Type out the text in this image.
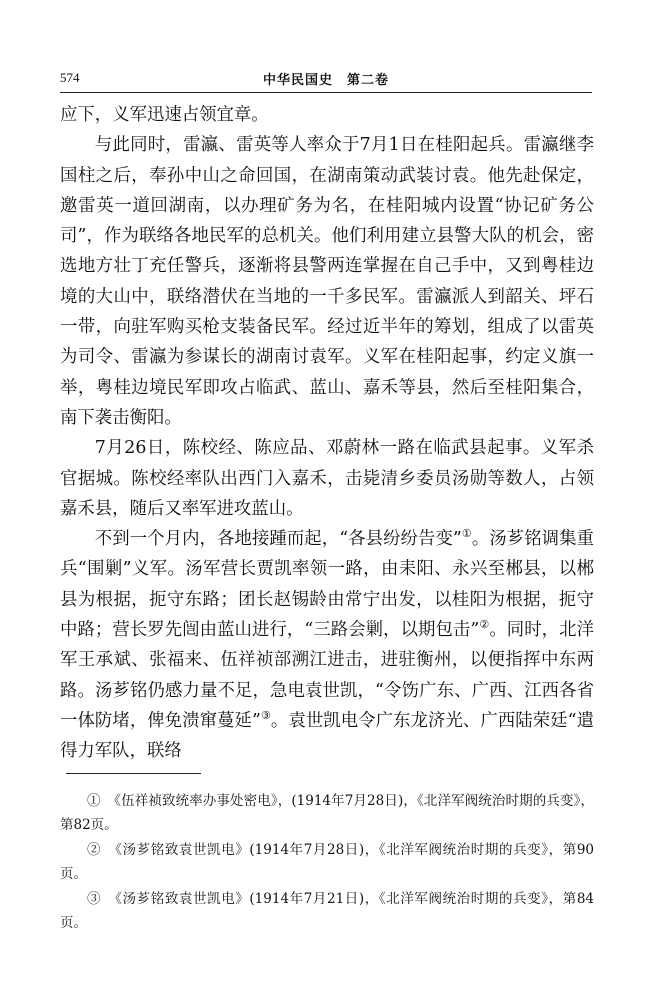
574	中华民国史　第二卷

应下，义军迅速占领宜章。

与此同时，雷瀛、雷英等人率众于7月1日在桂阳起兵。雷瀛继李国柱之后，奉孙中山之命回国，在湖南策动武装讨袁。他先赴保定，邀雷英一道回湖南，以办理矿务为名，在桂阳城内设置“协记矿务公司”，作为联络各地民军的总机关。他们利用建立县警大队的机会，密选地方壮丁充任警兵，逐渐将县警两连掌握在自己手中，又到粤桂边境的大山中，联络潜伏在当地的一千多民军。雷瀛派人到韶关、坪石一带，向驻军购买枪支装备民军。经过近半年的筹划，组成了以雷英为司令、雷瀛为参谋长的湖南讨袁军。义军在桂阳起事，约定义旗一举，粤桂边境民军即攻占临武、蓝山、嘉禾等县，然后至桂阳集合，南下袭击衡阳。

7月26日，陈校经、陈应品、邓蔚林一路在临武县起事。义军杀官据城。陈校经率队出西门入嘉禾，击毙清乡委员汤勋等数人，占领嘉禾县，随后又率军进攻蓝山。

不到一个月内，各地接踵而起，“各县纷纷告变”①。汤芗铭调集重兵“围剿”义军。汤军营长贾凯率领一路，由耒阳、永兴至郴县，以郴县为根据，扼守东路；团长赵锡龄由常宁出发，以桂阳为根据，扼守中路；营长罗先闿由蓝山进行，“三路会剿，以期包击”②。同时，北洋军王承斌、张福来、伍祥祯部溯江进击，进驻衡州，以便指挥中东两路。汤芗铭仍感力量不足，急电袁世凯，“令饬广东、广西、江西各省一体防堵，俾免溃窜蔓延”③。袁世凯电令广东龙济光、广西陆荣廷“遣得力军队，联络

①　《伍祥祯致统率办事处密电》，(1914年7月28日)，《北洋军阀统治时期的兵变》，第82页。

②　《汤芗铭致袁世凯电》(1914年7月28日)，《北洋军阀统治时期的兵变》，第90页。

③　《汤芗铭致袁世凯电》(1914年7月21日)，《北洋军阀统治时期的兵变》，第84页。
